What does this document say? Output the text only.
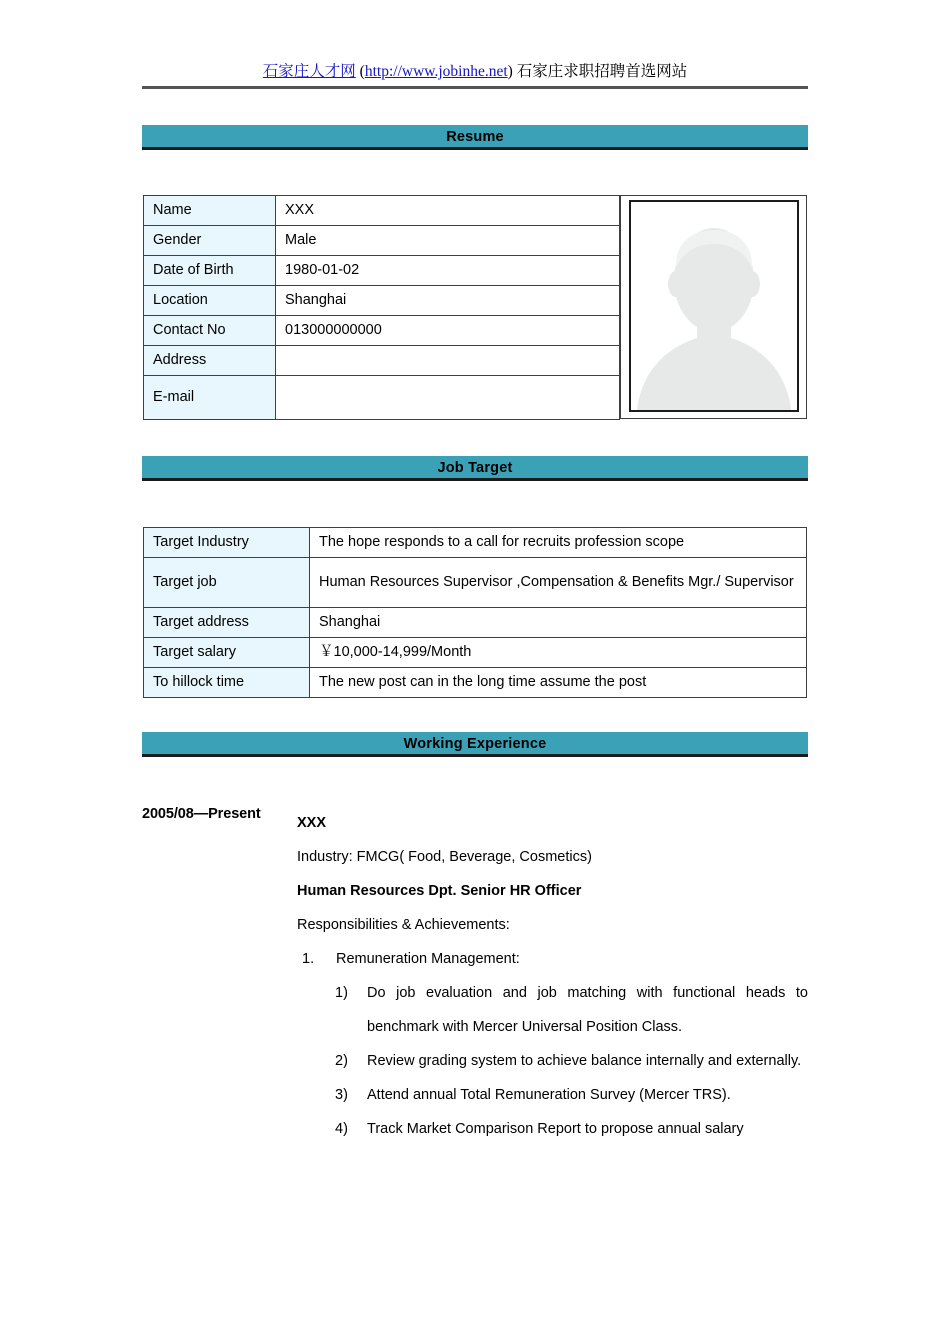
石家庄人才网 (http://www.jobinhe.net) 石家庄求职招聘首选网站
Resume
Name	XXX
Gender	Male
Date of Birth	1980-01-02
Location	Shanghai
Contact No	013000000000
Address	
E-mail	
Job Target
Target Industry	The hope responds to a call for recruits profession scope
Target job	Human Resources Supervisor ,Compensation & Benefits Mgr./ Supervisor
Target address	Shanghai
Target salary	￥10,000-14,999/Month
To hillock time	The new post can in the long time assume the post
Working Experience
2005/08—Present
XXX
Industry: FMCG( Food, Beverage, Cosmetics)
Human Resources Dpt. Senior HR Officer
Responsibilities & Achievements:
1.	Remuneration Management:
1)	Do job evaluation and job matching with functional heads to benchmark with Mercer Universal Position Class.
2)	Review grading system to achieve balance internally and externally.
3)	Attend annual Total Remuneration Survey (Mercer TRS).
4)	Track Market Comparison Report to propose annual salary
